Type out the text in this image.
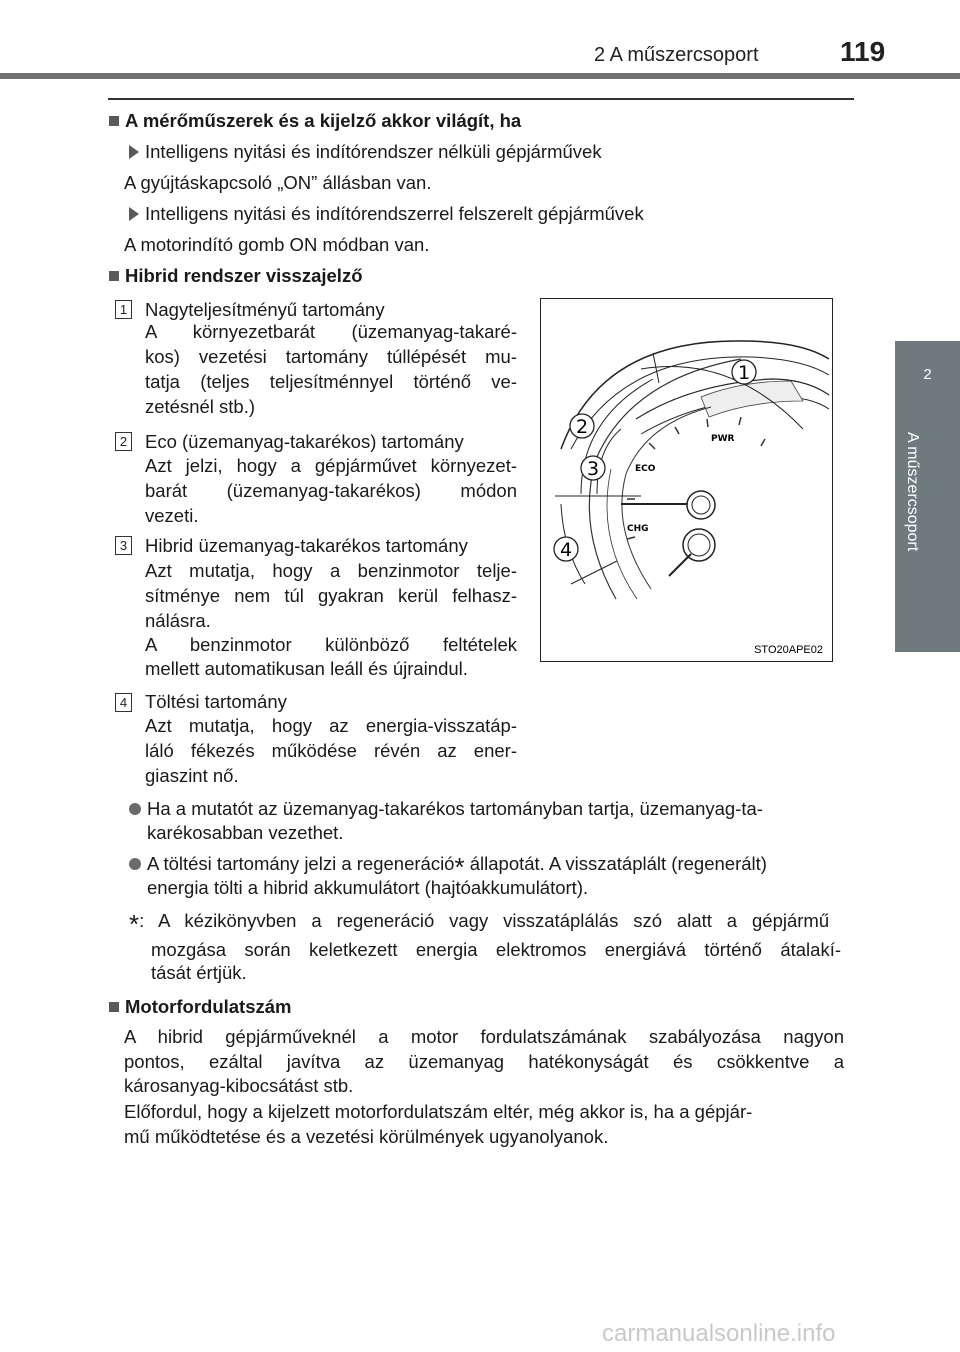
2 A műszercsoport	119
2
A műszercsoport
A mérőműszerek és a kijelző akkor világít, ha
Intelligens nyitási és indítórendszer nélküli gépjárművek
A gyújtáskapcsoló „ON” állásban van.
Intelligens nyitási és indítórendszerrel felszerelt gépjárművek
A motorindító gomb ON módban van.
Hibrid rendszer visszajelző
1 Nagyteljesítményű tartomány
A környezetbarát (üzemanyag-takaré-
kos) vezetési tartomány túllépését mu-
tatja (teljes teljesítménnyel történő ve-
zetésnél stb.)
2 Eco (üzemanyag-takarékos) tartomány
Azt jelzi, hogy a gépjárművet környezet-
barát (üzemanyag-takarékos) módon
vezeti.
3 Hibrid üzemanyag-takarékos tartomány
Azt mutatja, hogy a benzinmotor telje-
sítménye nem túl gyakran kerül felhasz-
nálásra.
A benzinmotor különböző feltételek
mellett automatikusan leáll és újraindul.
4 Töltési tartomány
Azt mutatja, hogy az energia-visszatáp-
láló fékezés működése révén az ener-
giaszint nő.
PWR
ECO
CHG
1
2
3
4
STO20APE02
Ha a mutatót az üzemanyag-takarékos tartományban tartja, üzemanyag-ta-
karékosabban vezethet.
A töltési tartomány jelzi a regeneráció* állapotát. A visszatáplált (regenerált)
energia tölti a hibrid akkumulátort (hajtóakkumulátort).
*: A kézikönyvben a regeneráció vagy visszatáplálás szó alatt a gépjármű
mozgása során keletkezett energia elektromos energiává történő átalakí-
tását értjük.
Motorfordulatszám
A hibrid gépjárműveknél a motor fordulatszámának szabályozása nagyon
pontos, ezáltal javítva az üzemanyag hatékonyságát és csökkentve a
károsanyag-kibocsátást stb.
Előfordul, hogy a kijelzett motorfordulatszám eltér, még akkor is, ha a gépjár-
mű működtetése és a vezetési körülmények ugyanolyanok.
carmanualsonline.info
